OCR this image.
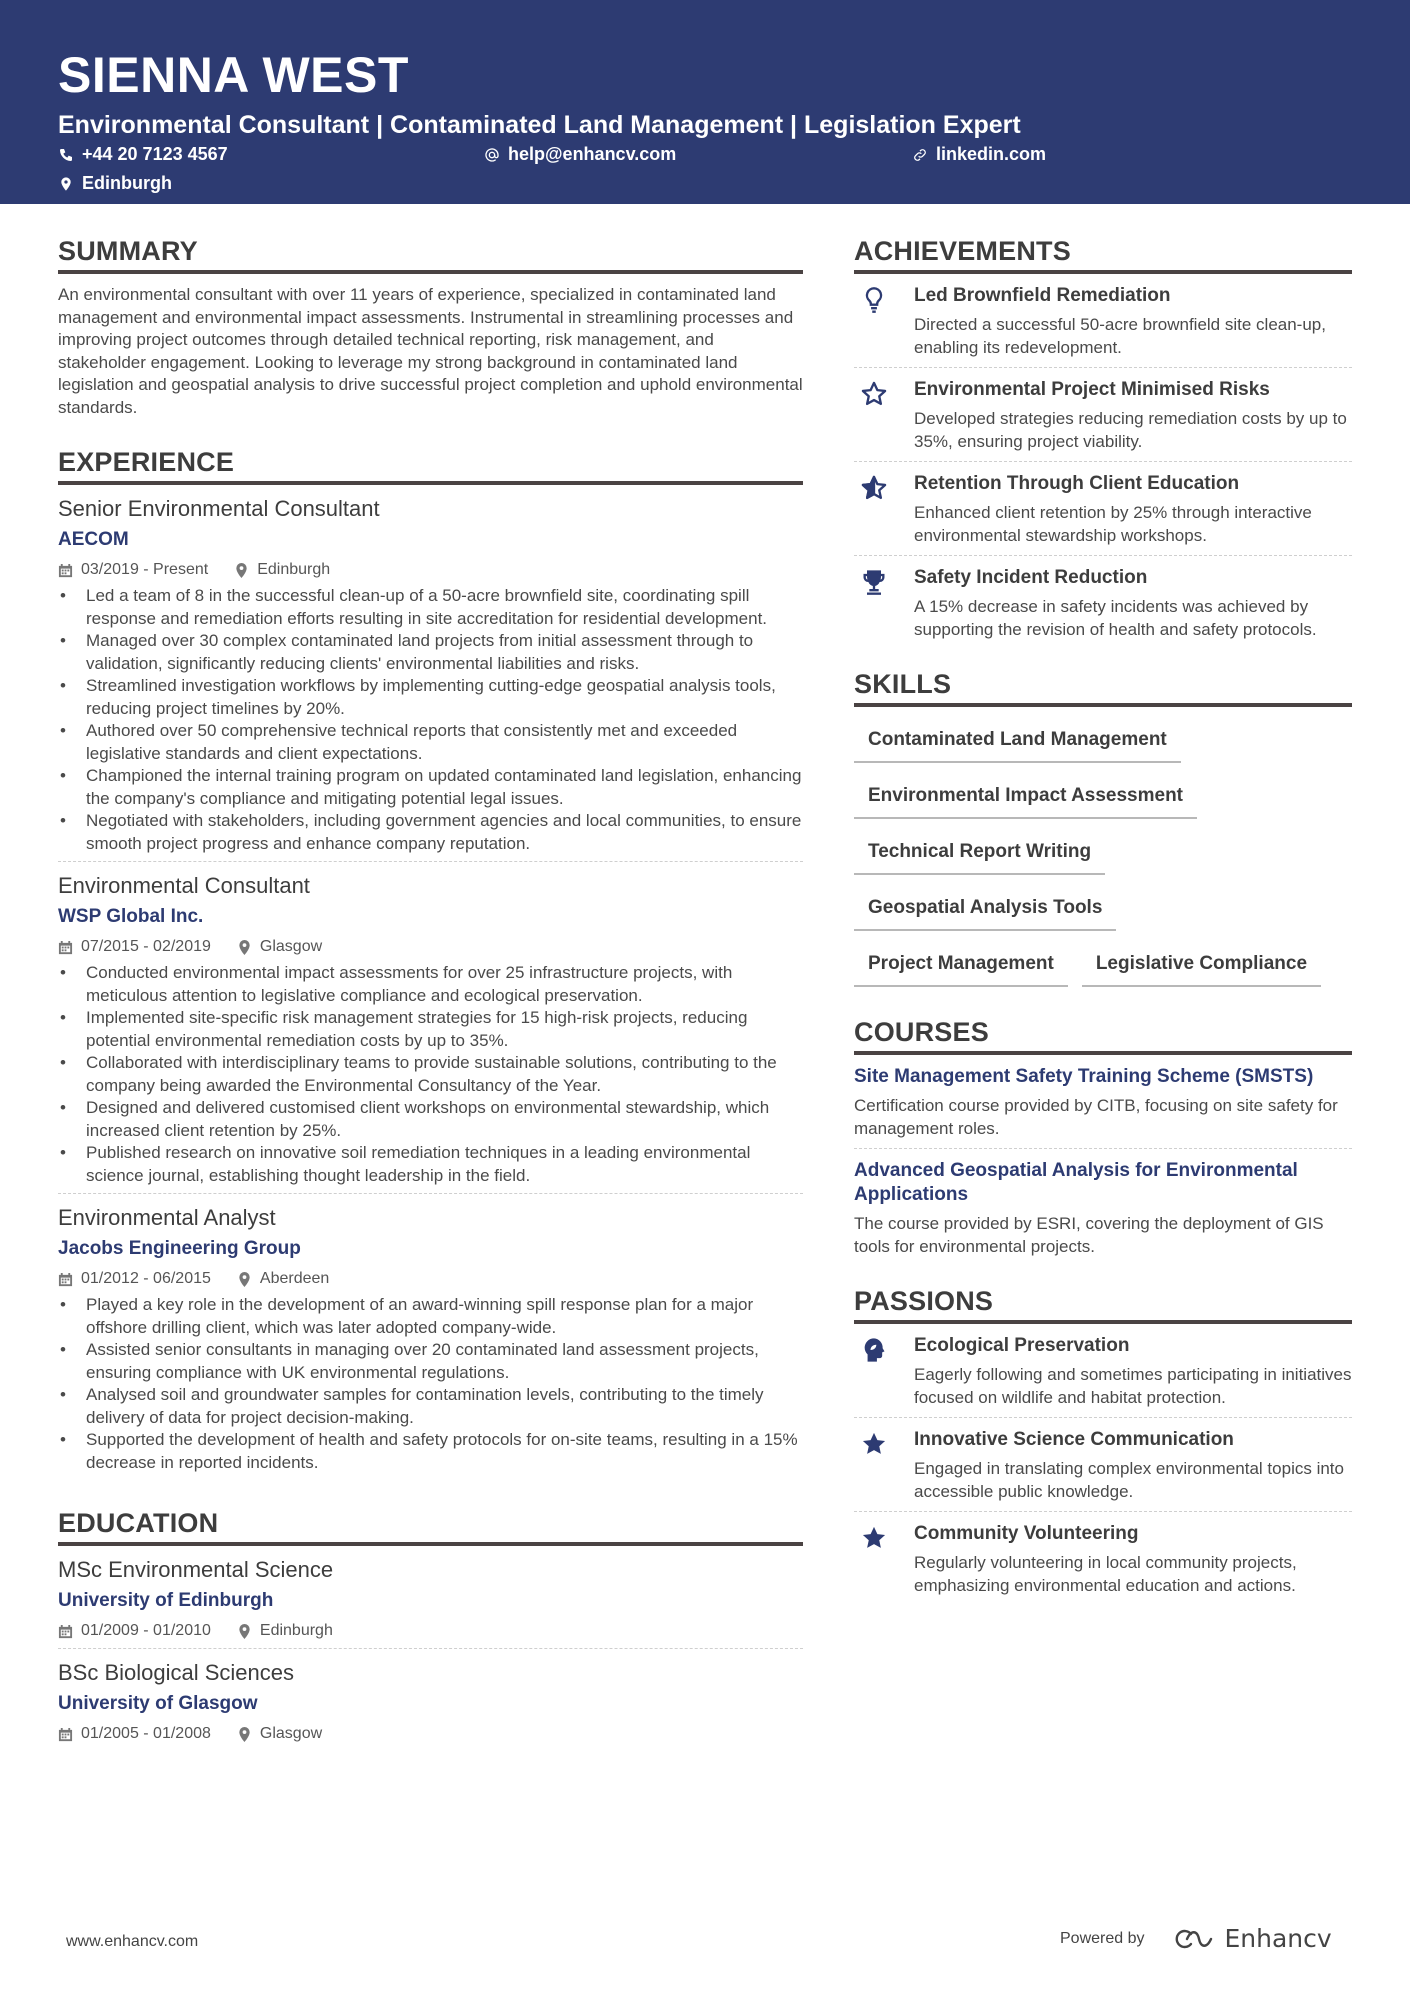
SIENNA WEST
Environmental Consultant | Contaminated Land Management | Legislation Expert
+44 20 7123 4567	help@enhancv.com	linkedin.com
Edinburgh
SUMMARY
An environmental consultant with over 11 years of experience, specialized in contaminated land management and environmental impact assessments. Instrumental in streamlining processes and improving project outcomes through detailed technical reporting, risk management, and stakeholder engagement. Looking to leverage my strong background in contaminated land legislation and geospatial analysis to drive successful project completion and uphold environmental standards.
EXPERIENCE
Senior Environmental Consultant
AECOM
03/2019 - Present	Edinburgh
• Led a team of 8 in the successful clean-up of a 50-acre brownfield site, coordinating spill response and remediation efforts resulting in site accreditation for residential development.
• Managed over 30 complex contaminated land projects from initial assessment through to validation, significantly reducing clients' environmental liabilities and risks.
• Streamlined investigation workflows by implementing cutting-edge geospatial analysis tools, reducing project timelines by 20%.
• Authored over 50 comprehensive technical reports that consistently met and exceeded legislative standards and client expectations.
• Championed the internal training program on updated contaminated land legislation, enhancing the company's compliance and mitigating potential legal issues.
• Negotiated with stakeholders, including government agencies and local communities, to ensure smooth project progress and enhance company reputation.
Environmental Consultant
WSP Global Inc.
07/2015 - 02/2019	Glasgow
• Conducted environmental impact assessments for over 25 infrastructure projects, with meticulous attention to legislative compliance and ecological preservation.
• Implemented site-specific risk management strategies for 15 high-risk projects, reducing potential environmental remediation costs by up to 35%.
• Collaborated with interdisciplinary teams to provide sustainable solutions, contributing to the company being awarded the Environmental Consultancy of the Year.
• Designed and delivered customised client workshops on environmental stewardship, which increased client retention by 25%.
• Published research on innovative soil remediation techniques in a leading environmental science journal, establishing thought leadership in the field.
Environmental Analyst
Jacobs Engineering Group
01/2012 - 06/2015	Aberdeen
• Played a key role in the development of an award-winning spill response plan for a major offshore drilling client, which was later adopted company-wide.
• Assisted senior consultants in managing over 20 contaminated land assessment projects, ensuring compliance with UK environmental regulations.
• Analysed soil and groundwater samples for contamination levels, contributing to the timely delivery of data for project decision-making.
• Supported the development of health and safety protocols for on-site teams, resulting in a 15% decrease in reported incidents.
EDUCATION
MSc Environmental Science
University of Edinburgh
01/2009 - 01/2010	Edinburgh
BSc Biological Sciences
University of Glasgow
01/2005 - 01/2008	Glasgow
ACHIEVEMENTS
Led Brownfield Remediation
Directed a successful 50-acre brownfield site clean-up, enabling its redevelopment.
Environmental Project Minimised Risks
Developed strategies reducing remediation costs by up to 35%, ensuring project viability.
Retention Through Client Education
Enhanced client retention by 25% through interactive environmental stewardship workshops.
Safety Incident Reduction
A 15% decrease in safety incidents was achieved by supporting the revision of health and safety protocols.
SKILLS
Contaminated Land Management
Environmental Impact Assessment
Technical Report Writing
Geospatial Analysis Tools
Project Management	Legislative Compliance
COURSES
Site Management Safety Training Scheme (SMSTS)
Certification course provided by CITB, focusing on site safety for management roles.
Advanced Geospatial Analysis for Environmental Applications
The course provided by ESRI, covering the deployment of GIS tools for environmental projects.
PASSIONS
Ecological Preservation
Eagerly following and sometimes participating in initiatives focused on wildlife and habitat protection.
Innovative Science Communication
Engaged in translating complex environmental topics into accessible public knowledge.
Community Volunteering
Regularly volunteering in local community projects, emphasizing environmental education and actions.
www.enhancv.com	Powered by	Enhancv
